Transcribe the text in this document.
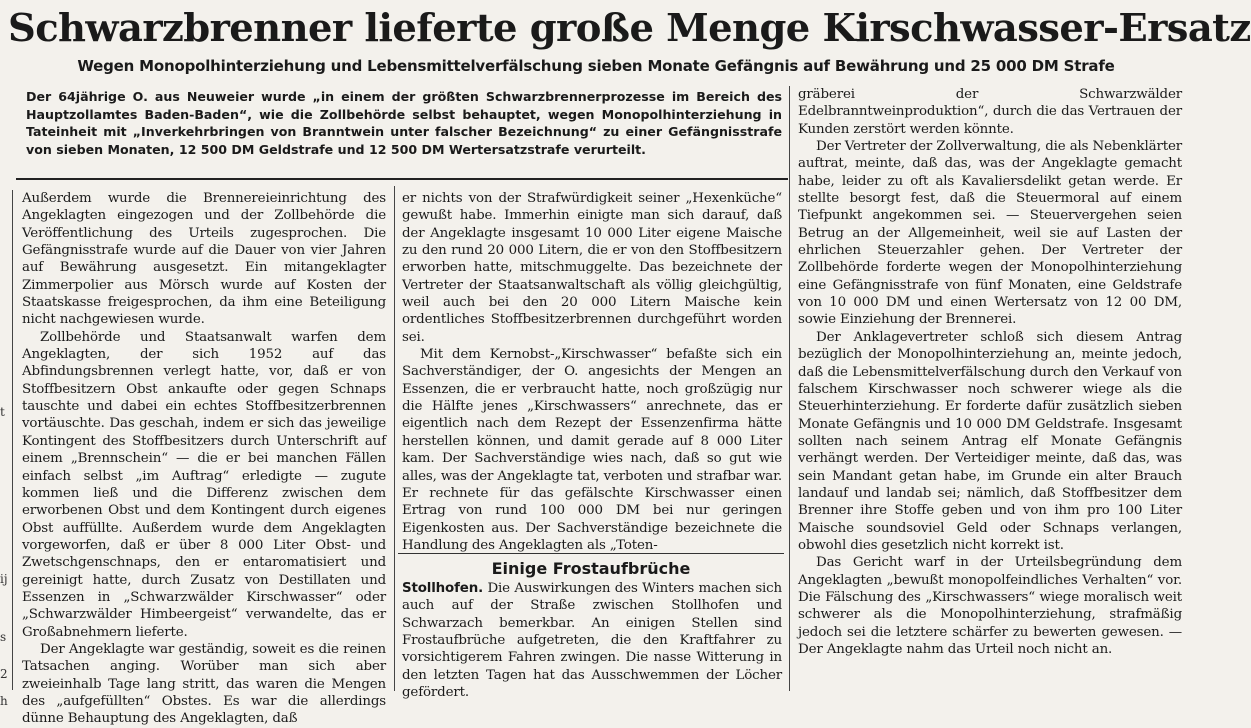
Schwarzbrenner lieferte große Menge Kirschwasser-Ersatz
Wegen Monopolhinterziehung und Lebensmittelverfälschung sieben Monate Gefängnis auf Bewährung und 25 000 DM Strafe
Der 64jährige O. aus Neuweier wurde „in einem der größten Schwarzbrennerprozesse im Bereich des Hauptzollamtes Baden-Baden“, wie die Zollbehörde selbst behauptet, wegen Monopolhinterziehung in Tateinheit mit „Inverkehrbringen von Branntwein unter falscher Bezeichnung“ zu einer Gefängnisstrafe von sieben Monaten, 12 500 DM Geldstrafe und 12 500 DM Wertersatzstrafe verurteilt.
t
ij
s
2
h

Außerdem wurde die Brennereieinrichtung des Angeklagten eingezogen und der Zollbehörde die Veröffentlichung des Urteils zugesprochen. Die Gefängnisstrafe wurde auf die Dauer von vier Jahren auf Bewährung ausgesetzt. Ein mitangeklagter Zimmerpolier aus Mörsch wurde auf Kosten der Staatskasse freigesprochen, da ihm eine Beteiligung nicht nachgewiesen wurde.

Zollbehörde und Staatsanwalt warfen dem Angeklagten, der sich 1952 auf das Abfindungsbrennen verlegt hatte, vor, daß er von Stoffbesitzern Obst ankaufte oder gegen Schnaps tauschte und dabei ein echtes Stoffbesitzerbrennen vortäuschte. Das geschah, indem er sich das jeweilige Kontingent des Stoffbesitzers durch Unterschrift auf einem „Brennschein“ — die er bei manchen Fällen einfach selbst „im Auftrag“ erledigte — zugute kommen ließ und die Differenz zwischen dem erworbenen Obst und dem Kontingent durch eigenes Obst auffüllte. Außerdem wurde dem Angeklagten vorgeworfen, daß er über 8 000 Liter Obst- und Zwetschgenschnaps, den er entaromatisiert und gereinigt hatte, durch Zusatz von Destillaten und Essenzen in „Schwarzwälder Kirschwasser“ oder „Schwarzwälder Himbeergeist“ verwandelte, das er Großabnehmern lieferte.

Der Angeklagte war geständig, soweit es die reinen Tatsachen anging. Worüber man sich aber zweieinhalb Tage lang stritt, das waren die Mengen des „aufgefüllten“ Obstes. Es war die allerdings dünne Behauptung des Angeklagten, daß

er nichts von der Strafwürdigkeit seiner „Hexenküche“ gewußt habe. Immerhin einigte man sich darauf, daß der Angeklagte insgesamt 10 000 Liter eigene Maische zu den rund 20 000 Litern, die er von den Stoffbesitzern erworben hatte, mitschmuggelte. Das bezeichnete der Vertreter der Staatsanwaltschaft als völlig gleichgültig, weil auch bei den 20 000 Litern Maische kein ordentliches Stoffbesitzerbrennen durchgeführt worden sei.

Mit dem Kernobst-„Kirschwasser“ befaßte sich ein Sachverständiger, der O. angesichts der Mengen an Essenzen, die er verbraucht hatte, noch großzügig nur die Hälfte jenes „Kirschwassers“ anrechnete, das er eigentlich nach dem Rezept der Essenzenfirma hätte herstellen können, und damit gerade auf 8 000 Liter kam. Der Sachverständige wies nach, daß so gut wie alles, was der Angeklagte tat, verboten und strafbar war. Er rechnete für das gefälschte Kirschwasser einen Ertrag von rund 100 000 DM bei nur geringen Eigenkosten aus. Der Sachverständige bezeichnete die Handlung des Angeklagten als „Toten-

Einige Frostaufbrüche

Stollhofen. Die Auswirkungen des Winters machen sich auch auf der Straße zwischen Stollhofen und Schwarzach bemerkbar. An einigen Stellen sind Frostaufbrüche aufgetreten, die den Kraftfahrer zu vorsichtigerem Fahren zwingen. Die nasse Witterung in den letzten Tagen hat das Ausschwemmen der Löcher gefördert.

gräberei der Schwarzwälder Edelbranntweinproduktion“, durch die das Vertrauen der Kunden zerstört werden könnte.

Der Vertreter der Zollverwaltung, die als Nebenklärter auftrat, meinte, daß das, was der Angeklagte gemacht habe, leider zu oft als Kavaliersdelikt getan werde. Er stellte besorgt fest, daß die Steuermoral auf einem Tiefpunkt angekommen sei. — Steuervergehen seien Betrug an der Allgemeinheit, weil sie auf Lasten der ehrlichen Steuerzahler gehen. Der Vertreter der Zollbehörde forderte wegen der Monopolhinterziehung eine Gefängnisstrafe von fünf Monaten, eine Geldstrafe von 10 000 DM und einen Wertersatz von 12 00 DM, sowie Einziehung der Brennerei.

Der Anklagevertreter schloß sich diesem Antrag bezüglich der Monopolhinterziehung an, meinte jedoch, daß die Lebensmittelverfälschung durch den Verkauf von falschem Kirschwasser noch schwerer wiege als die Steuerhinterziehung. Er forderte dafür zusätzlich sieben Monate Gefängnis und 10 000 DM Geldstrafe. Insgesamt sollten nach seinem Antrag elf Monate Gefängnis verhängt werden. Der Verteidiger meinte, daß das, was sein Mandant getan habe, im Grunde ein alter Brauch landauf und landab sei; nämlich, daß Stoffbesitzer dem Brenner ihre Stoffe geben und von ihm pro 100 Liter Maische soundsoviel Geld oder Schnaps verlangen, obwohl dies gesetzlich nicht korrekt ist.

Das Gericht warf in der Urteilsbegründung dem Angeklagten „bewußt monopolfeindliches Verhalten“ vor. Die Fälschung des „Kirschwassers“ wiege moralisch weit schwerer als die Monopolhinterziehung, strafmäßig jedoch sei die letztere schärfer zu bewerten gewesen. — Der Angeklagte nahm das Urteil noch nicht an.
